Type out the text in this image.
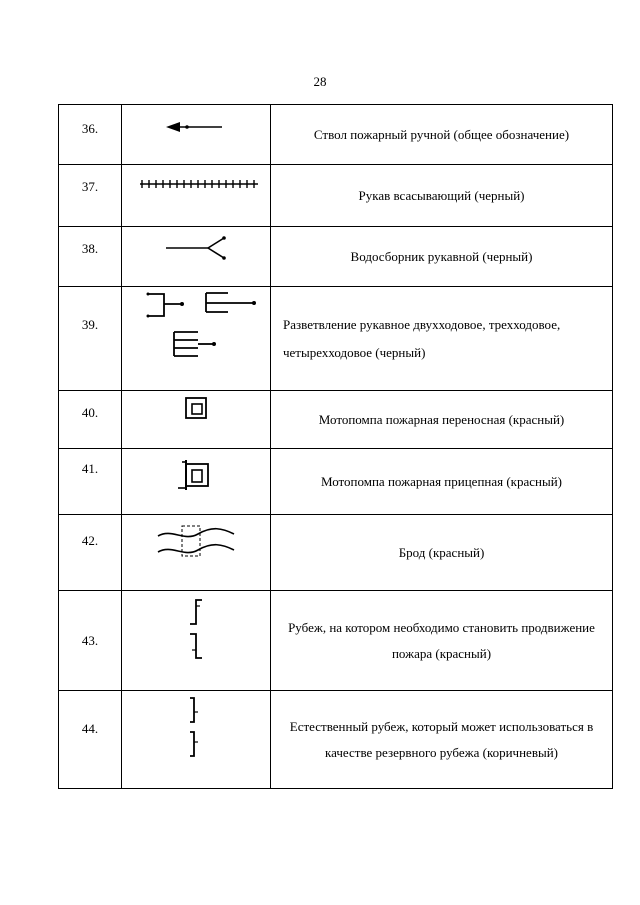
28
36.		Ствол пожарный ручной (общее обозначение)
37.		Рукав всасывающий (черный)
38.		Водосборник рукавной (черный)
39.		Разветвление рукавное двухходовое, трехходовое, четырехходовое (черный)
40.		Мотопомпа пожарная переносная (красный)
41.		Мотопомпа пожарная прицепная (красный)
42.		Брод (красный)
43.		Рубеж, на котором необходимо становить продвижение пожара (красный)
44.		Естественный рубеж, который может использоваться в качестве резервного рубежа (коричневый)
